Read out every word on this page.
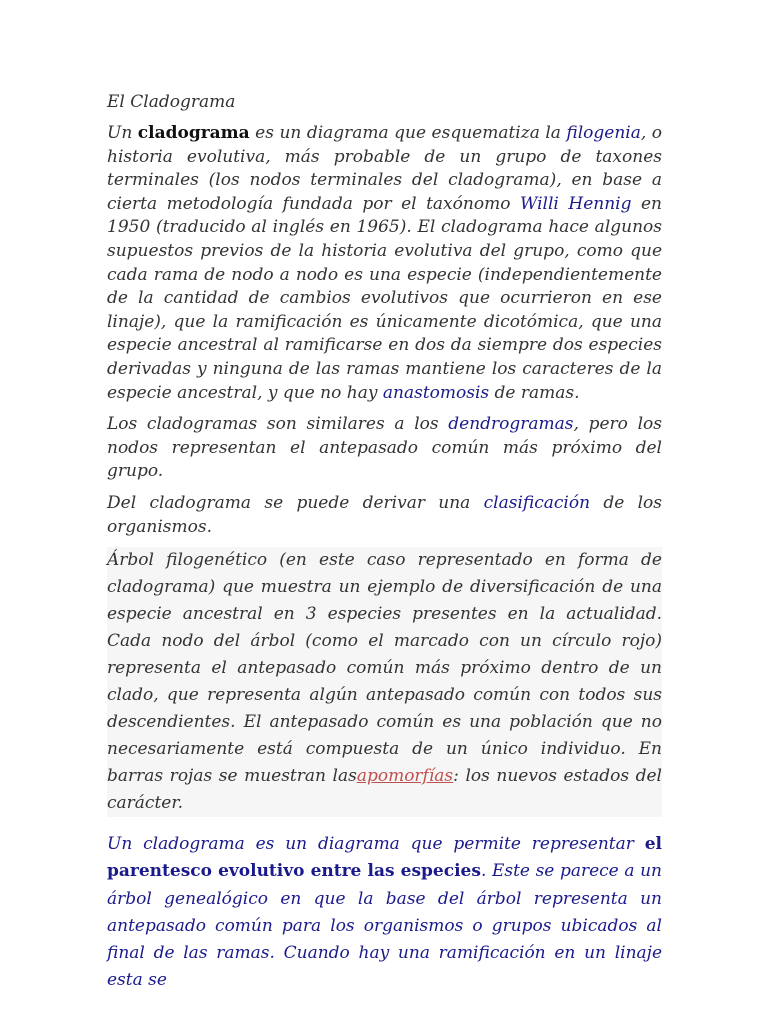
El Cladograma

Un cladograma es un diagrama que esquematiza la filogenia, o historia evolutiva, más probable de un grupo de taxones terminales (los nodos terminales del cladograma), en base a cierta metodología fundada por el taxónomo Willi Hennig en 1950 (traducido al inglés en 1965). El cladograma hace algunos supuestos previos de la historia evolutiva del grupo, como que cada rama de nodo a nodo es una especie (independientemente de la cantidad de cambios evolutivos que ocurrieron en ese linaje), que la ramificación es únicamente dicotómica, que una especie ancestral al ramificarse en dos da siempre dos especies derivadas y ninguna de las ramas mantiene los caracteres de la especie ancestral, y que no hay anastomosis de ramas.

Los cladogramas son similares a los dendrogramas, pero los nodos representan el antepasado común más próximo del grupo.

Del cladograma se puede derivar una clasificación de los organismos.

Árbol filogenético (en este caso representado en forma de cladograma) que muestra un ejemplo de diversificación de una especie ancestral en 3 especies presentes en la actualidad. Cada nodo del árbol (como el marcado con un círculo rojo) representa el antepasado común más próximo dentro de un clado, que representa algún antepasado común con todos sus descendientes. El antepasado común es una población que no necesariamente está compuesta de un único individuo. En barras rojas se muestran lasapomorfías: los nuevos estados del carácter.

Un cladograma es un diagrama que permite representar el parentesco evolutivo entre las especies. Este se parece a un árbol genealógico en que la base del árbol representa un antepasado común para los organismos o grupos ubicados al final de las ramas. Cuando hay una ramificación en un linaje esta se
